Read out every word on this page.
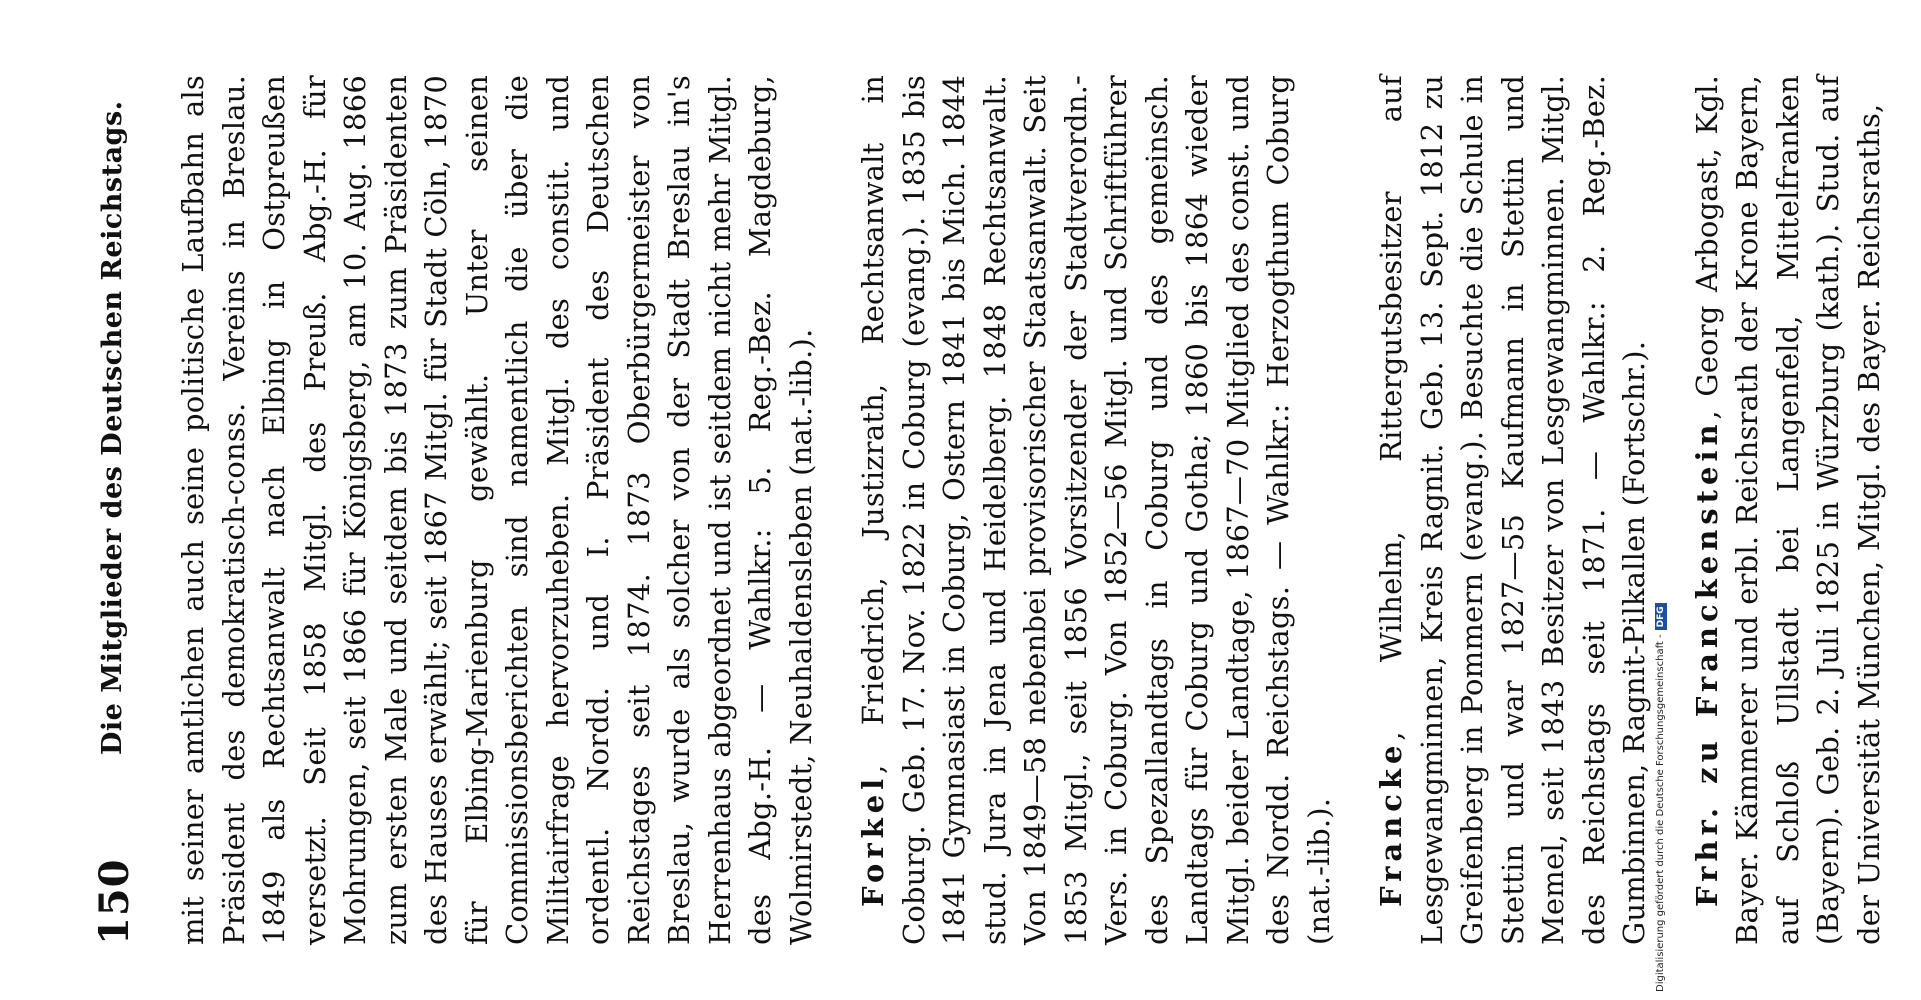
150
Die Mitglieder des Deutschen Reichstags. mit seiner amtlichen auch seine politische Laufbahn als Präsident des demokratisch-conss. Vereins in Breslau. 1849 als Rechtsanwalt nach Elbing in Ostpreußen versetzt. Seit 1858 Mitgl. des Preuß. Abg.-H. für Mohrungen, seit 1866 für Königsberg, am 10. Aug. 1866 zum ersten Male und seitdem bis 1873 zum Präsidenten des Hauses erwählt; seit 1867 Mitgl. für Stadt Cöln, 1870 für Elbing-Marienburg gewählt. Unter seinen Commissionsberichten sind namentlich die über die Militairfrage hervorzuheben. Mitgl. des constit. und ordentl. Nordd. und I. Präsident des Deutschen Reichstages seit 1874. 1873 Oberbürgermeister von Breslau, wurde als solcher von der Stadt Breslau in's Herrenhaus abgeordnet und ist seitdem nicht mehr Mitgl. des Abg.-H. — Wahlkr.: 5. Reg.-Bez. Magdeburg, Wolmirstedt, Neuhaldensleben (nat.-lib.). Forkel, Friedrich, Justizrath, Rechtsanwalt in Coburg. Geb. 17. Nov. 1822 in Coburg (evang.). 1835 bis 1841 Gymnasiast in Coburg, Ostern 1841 bis Mich. 1844 stud. Jura in Jena und Heidelberg. 1848 Rechtsanwalt. Von 1849—58 nebenbei provisorischer Staatsanwalt. Seit 1853 Mitgl., seit 1856 Vorsitzender der Stadtverordn.-Vers. in Coburg. Von 1852—56 Mitgl. und Schriftführer des Spezallandtags in Coburg und des gemeinsch. Landtags für Coburg und Gotha; 1860 bis 1864 wieder Mitgl. beider Landtage, 1867—70 Mitglied des const. und des Nordd. Reichstags. — Wahlkr.: Herzogthum Coburg (nat.-lib.). Francke, Wilhelm, Rittergutsbesitzer auf Lesgewangminnen, Kreis Ragnit. Geb. 13. Sept. 1812 zu Greifenberg in Pommern (evang.). Besuchte die Schule in Stettin und war 1827—55 Kaufmann in Stettin und Memel, seit 1843 Besitzer von Lesgewangminnen. Mitgl. des Reichstags seit 1871. — Wahlkr.: 2. Reg.-Bez. Gumbinnen, Ragnit-Pilkallen (Fortschr.). Frhr. zu Franckenstein, Georg Arbogast, Kgl. Bayer. Kämmerer und erbl. Reichsrath der Krone Bayern, auf Schloß Ullstadt bei Langenfeld, Mittelfranken (Bayern). Geb. 2. Juli 1825 in Würzburg (kath.). Stud. auf der Universität München, Mitgl. des Bayer. Reichsraths,

Digitalisierung gefördert durch die Deutsche Forschungsgemeinschaft -DFG
